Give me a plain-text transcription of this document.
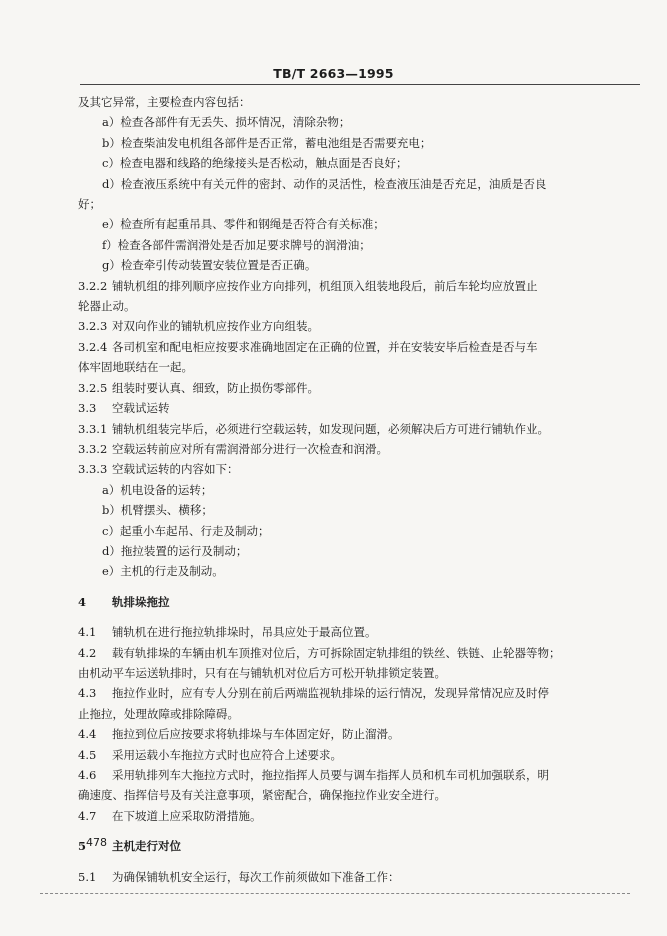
TB/T 2663—1995
及其它异常，主要检查内容包括：
a）检查各部件有无丢失、损坏情况，清除杂物；
b）检查柴油发电机组各部件是否正常，蓄电池组是否需要充电；
c）检查电器和线路的绝缘接头是否松动，触点面是否良好；
d）检查液压系统中有关元件的密封、动作的灵活性，检查液压油是否充足，油质是否良
好；
e）检查所有起重吊具、零件和钢绳是否符合有关标准；
f）检查各部件需润滑处是否加足要求牌号的润滑油；
g）检查牵引传动装置安装位置是否正确。
3.2.2 铺轨机组的排列顺序应按作业方向排列，机组顶入组装地段后，前后车轮均应放置止
轮器止动。
3.2.3 对双向作业的铺轨机应按作业方向组装。
3.2.4 各司机室和配电柜应按要求准确地固定在正确的位置，并在安装安毕后检查是否与车
体牢固地联结在一起。
3.2.5 组装时要认真、细致，防止损伤零部件。
3.3 空载试运转
3.3.1 铺轨机组装完毕后，必须进行空载运转，如发现问题，必须解决后方可进行铺轨作业。
3.3.2 空载运转前应对所有需润滑部分进行一次检查和润滑。
3.3.3 空载试运转的内容如下：
a）机电设备的运转；
b）机臂摆头、横移；
c）起重小车起吊、行走及制动；
d）拖拉装置的运行及制动；
e）主机的行走及制动。
4 轨排垛拖拉
4.1 铺轨机在进行拖拉轨排垛时，吊具应处于最高位置。
4.2 载有轨排垛的车辆由机车顶推对位后，方可拆除固定轨排组的铁丝、铁链、止轮器等物；
由机动平车运送轨排时，只有在与铺轨机对位后方可松开轨排锁定装置。
4.3 拖拉作业时，应有专人分别在前后两端监视轨排垛的运行情况，发现异常情况应及时停
止拖拉，处理故障或排除障碍。
4.4 拖拉到位后应按要求将轨排垛与车体固定好，防止溜滑。
4.5 采用运载小车拖拉方式时也应符合上述要求。
4.6 采用轨排列车大拖拉方式时，拖拉指挥人员要与调车指挥人员和机车司机加强联系，明
确速度、指挥信号及有关注意事项，紧密配合，确保拖拉作业安全进行。
4.7 在下坡道上应采取防滑措施。
5 主机走行对位
5.1 为确保铺轨机安全运行，每次工作前须做如下准备工作：
478
